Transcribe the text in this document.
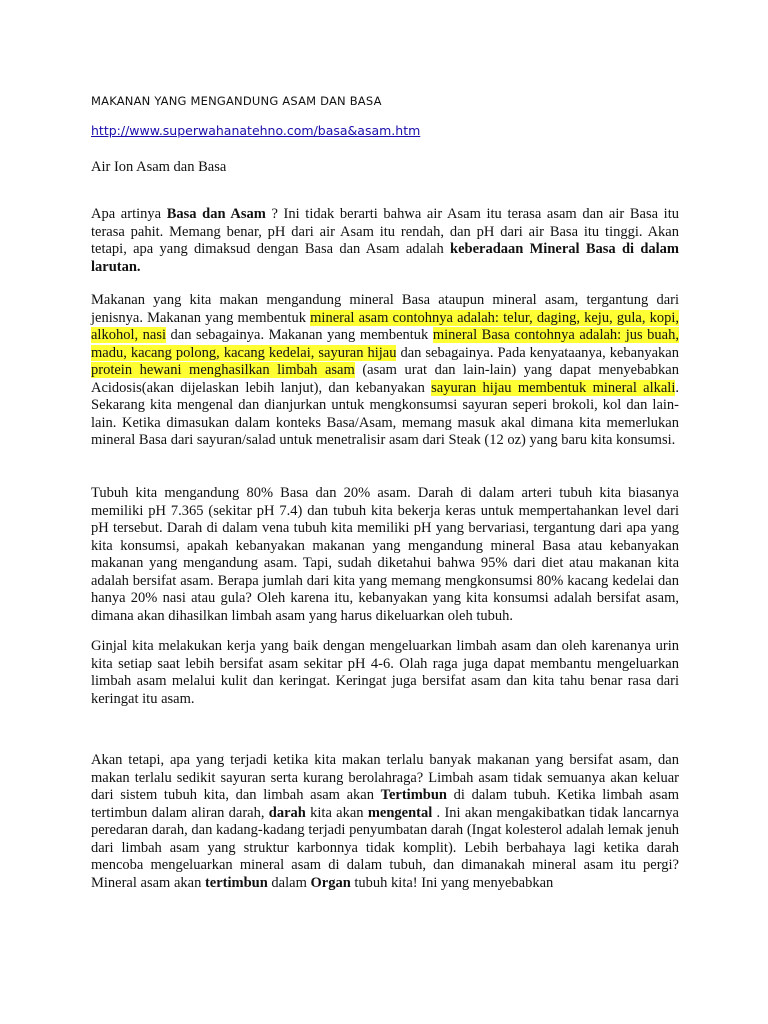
MAKANAN YANG MENGANDUNG ASAM DAN BASA
http://www.superwahanatehno.com/basa&asam.htm
Air Ion Asam dan Basa
Apa artinya Basa dan Asam ? Ini tidak berarti bahwa air Asam itu terasa asam dan air Basa itu terasa pahit. Memang benar, pH dari air Asam itu rendah, dan pH dari air Basa itu tinggi. Akan tetapi, apa yang dimaksud dengan Basa dan Asam adalah keberadaan Mineral Basa di dalam larutan.
Makanan yang kita makan mengandung mineral Basa ataupun mineral asam, tergantung dari jenisnya. Makanan yang membentuk mineral asam contohnya adalah: telur, daging, keju, gula, kopi, alkohol, nasi dan sebagainya. Makanan yang membentuk mineral Basa contohnya adalah: jus buah, madu, kacang polong, kacang kedelai, sayuran hijau dan sebagainya. Pada kenyataanya, kebanyakan protein hewani menghasilkan limbah asam (asam urat dan lain-lain) yang dapat menyebabkan Acidosis(akan dijelaskan lebih lanjut), dan kebanyakan sayuran hijau membentuk mineral alkali. Sekarang kita mengenal dan dianjurkan untuk mengkonsumsi sayuran seperi brokoli, kol dan lain-lain. Ketika dimasukan dalam konteks Basa/Asam, memang masuk akal dimana kita memerlukan mineral Basa dari sayuran/salad untuk menetralisir asam dari Steak (12 oz) yang baru kita konsumsi.
Tubuh kita mengandung 80% Basa dan 20% asam. Darah di dalam arteri tubuh kita biasanya memiliki pH 7.365 (sekitar pH 7.4) dan tubuh kita bekerja keras untuk mempertahankan level dari pH tersebut. Darah di dalam vena tubuh kita memiliki pH yang bervariasi, tergantung dari apa yang kita konsumsi, apakah kebanyakan makanan yang mengandung mineral Basa atau kebanyakan makanan yang mengandung asam. Tapi, sudah diketahui bahwa 95% dari diet atau makanan kita adalah bersifat asam. Berapa jumlah dari kita yang memang mengkonsumsi 80% kacang kedelai dan hanya 20% nasi atau gula? Oleh karena itu, kebanyakan yang kita konsumsi adalah bersifat asam, dimana akan dihasilkan limbah asam yang harus dikeluarkan oleh tubuh.
Ginjal kita melakukan kerja yang baik dengan mengeluarkan limbah asam dan oleh karenanya urin kita setiap saat lebih bersifat asam sekitar pH 4-6. Olah raga juga dapat membantu mengeluarkan limbah asam melalui kulit dan keringat. Keringat juga bersifat asam dan kita tahu benar rasa dari keringat itu asam.
Akan tetapi, apa yang terjadi ketika kita makan terlalu banyak makanan yang bersifat asam, dan makan terlalu sedikit sayuran serta kurang berolahraga? Limbah asam tidak semuanya akan keluar dari sistem tubuh kita, dan limbah asam akan Tertimbun di dalam tubuh. Ketika limbah asam tertimbun dalam aliran darah, darah kita akan mengental . Ini akan mengakibatkan tidak lancarnya peredaran darah, dan kadang-kadang terjadi penyumbatan darah (Ingat kolesterol adalah lemak jenuh dari limbah asam yang struktur karbonnya tidak komplit). Lebih berbahaya lagi ketika darah mencoba mengeluarkan mineral asam di dalam tubuh, dan dimanakah mineral asam itu pergi? Mineral asam akan tertimbun dalam Organ tubuh kita! Ini yang menyebabkan
